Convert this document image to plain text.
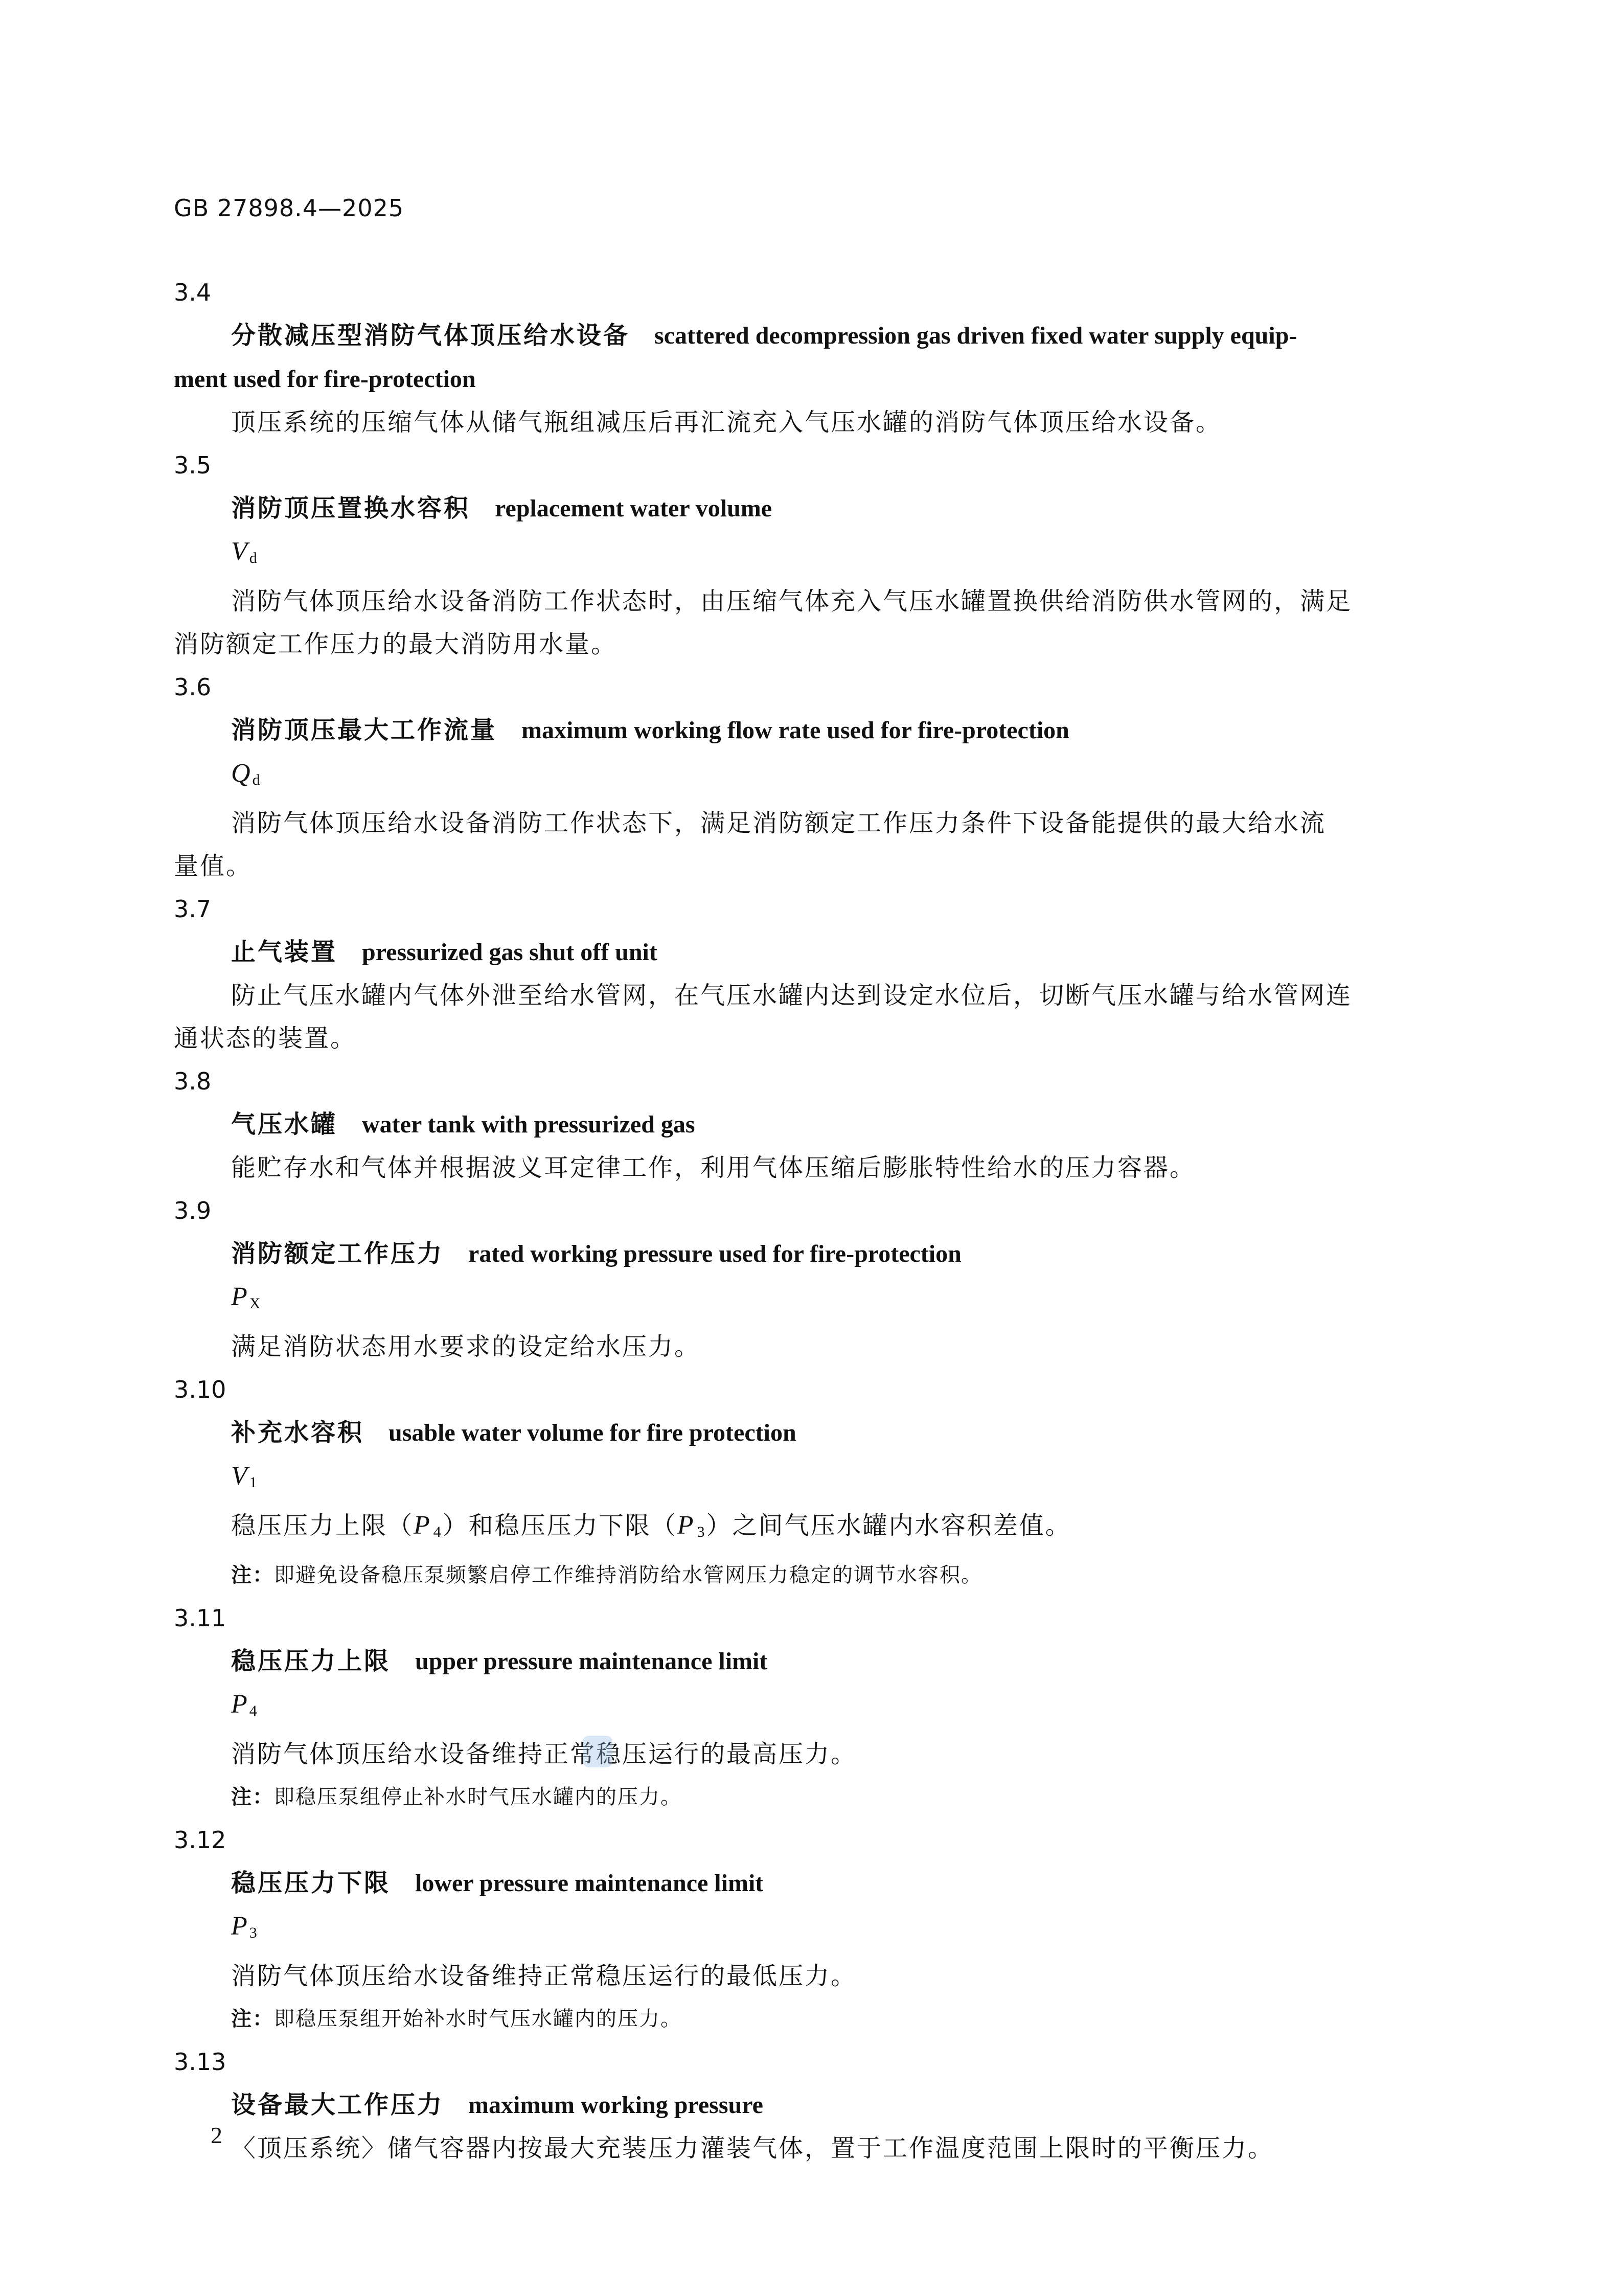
GB 27898.4—2025
3.4
分散减压型消防气体顶压给水设备 scattered decompression gas driven fixed water supply equip-
ment used for fire-protection
顶压系统的压缩气体从储气瓶组减压后再汇流充入气压水罐的消防气体顶压给水设备。
3.5
消防顶压置换水容积 replacement water volume
V $_d$
消防气体顶压给水设备消防工作状态时，由压缩气体充入气压水罐置换供给消防供水管网的，满足
消防额定工作压力的最大消防用水量。
3.6
消防顶压最大工作流量 maximum working flow rate used for fire-protection
Q $_d$
消防气体顶压给水设备消防工作状态下，满足消防额定工作压力条件下设备能提供的最大给水流
量值。
3.7
止气装置 pressurized gas shut off unit
防止气压水罐内气体外泄至给水管网，在气压水罐内达到设定水位后，切断气压水罐与给水管网连
通状态的装置。
3.8
气压水罐 water tank with pressurized gas
能贮存水和气体并根据波义耳定律工作，利用气体压缩后膨胀特性给水的压力容器。
3.9
消防额定工作压力 rated working pressure used for fire-protection
P $_X$
满足消防状态用水要求的设定给水压力。
3.10
补充水容积 usable water volume for fire protection
V $_1$
稳压压力上限（P $_4$）和稳压压力下限（P $_3$）之间气压水罐内水容积差值。
注：即避免设备稳压泵频繁启停工作维持消防给水管网压力稳定的调节水容积。
3.11
稳压压力上限 upper pressure maintenance limit
P $_4$
消防气体顶压给水设备维持正常稳压运行的最高压力。
注：即稳压泵组停止补水时气压水罐内的压力。
3.12
稳压压力下限 lower pressure maintenance limit
P $_3$
消防气体顶压给水设备维持正常稳压运行的最低压力。
注：即稳压泵组开始补水时气压水罐内的压力。
3.13
设备最大工作压力 maximum working pressure
〈顶压系统〉储气容器内按最大充装压力灌装气体，置于工作温度范围上限时的平衡压力。
2
